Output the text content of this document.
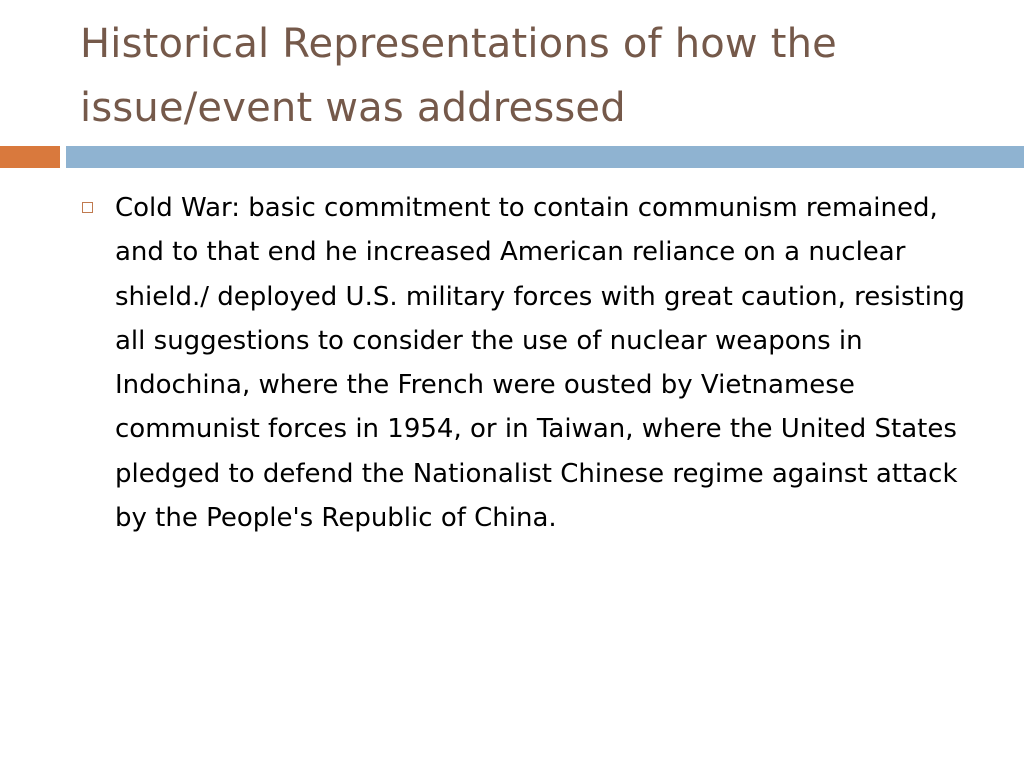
Historical Representations of how the issue/event was addressed

Cold War: basic commitment to contain communism remained, and to that end he increased American reliance on a nuclear shield./ deployed U.S. military forces with great caution, resisting all suggestions to consider the use of nuclear weapons in Indochina, where the French were ousted by Vietnamese communist forces in 1954, or in Taiwan, where the United States pledged to defend the Nationalist Chinese regime against attack by the People's Republic of China.
